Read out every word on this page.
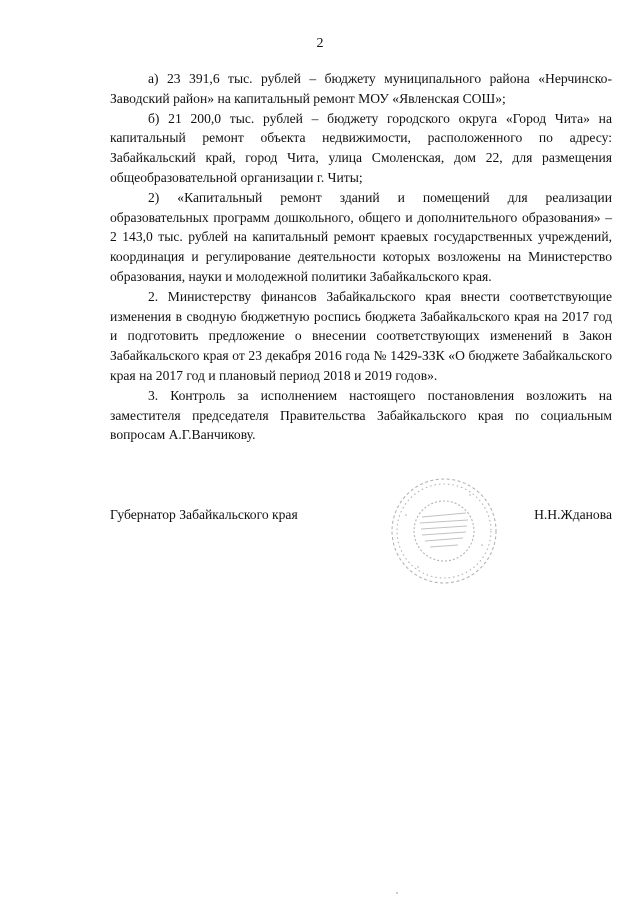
2

а) 23 391,6 тыс. рублей – бюджету муниципального района «Нерчинско-Заводский район» на капитальный ремонт МОУ «Явленская СОШ»;

б) 21 200,0 тыс. рублей – бюджету городского округа «Город Чита» на капитальный ремонт объекта недвижимости, расположенного по адресу: Забайкальский край, город Чита, улица Смоленская, дом 22, для размещения общеобразовательной организации г. Читы;

2) «Капитальный ремонт зданий и помещений для реализации образовательных программ дошкольного, общего и дополнительного образования» – 2 143,0 тыс. рублей на капитальный ремонт краевых государственных учреждений, координация и регулирование деятельности которых возложены на Министерство образования, науки и молодежной политики Забайкальского края.

2. Министерству финансов Забайкальского края внести соответствующие изменения в сводную бюджетную роспись бюджета Забайкальского края на 2017 год и подготовить предложение о внесении соответствующих изменений в Закон Забайкальского края от 23 декабря 2016 года № 1429-ЗЗК «О бюджете Забайкальского края на 2017 год и плановый период 2018 и 2019 годов».

3. Контроль за исполнением настоящего постановления возложить на заместителя председателя Правительства Забайкальского края по социальным вопросам А.Г.Ванчикову.

Губернатор Забайкальского края	Н.Н.Жданова
